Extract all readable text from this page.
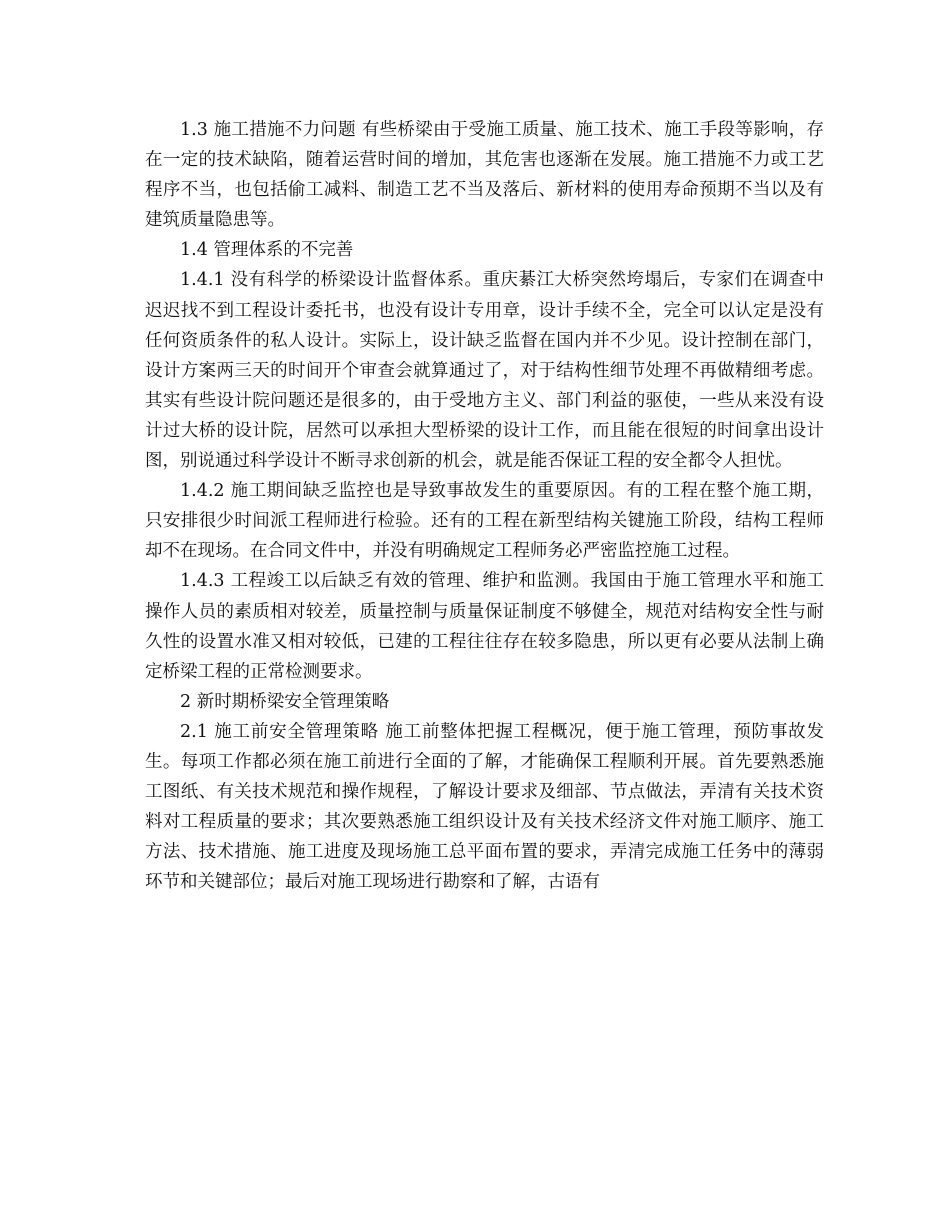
1.3 施工措施不力问题 有些桥梁由于受施工质量、施工技术、施工手段等影响，存在一定的技术缺陷，随着运营时间的增加，其危害也逐渐在发展。施工措施不力或工艺程序不当，也包括偷工减料、制造工艺不当及落后、新材料的使用寿命预期不当以及有建筑质量隐患等。

1.4 管理体系的不完善

1.4.1 没有科学的桥梁设计监督体系。重庆綦江大桥突然垮塌后，专家们在调查中迟迟找不到工程设计委托书，也没有设计专用章，设计手续不全，完全可以认定是没有任何资质条件的私人设计。实际上，设计缺乏监督在国内并不少见。设计控制在部门，设计方案两三天的时间开个审查会就算通过了，对于结构性细节处理不再做精细考虑。其实有些设计院问题还是很多的，由于受地方主义、部门利益的驱使，一些从来没有设计过大桥的设计院，居然可以承担大型桥梁的设计工作，而且能在很短的时间拿出设计图，别说通过科学设计不断寻求创新的机会，就是能否保证工程的安全都令人担忧。

1.4.2 施工期间缺乏监控也是导致事故发生的重要原因。有的工程在整个施工期，只安排很少时间派工程师进行检验。还有的工程在新型结构关键施工阶段，结构工程师却不在现场。在合同文件中，并没有明确规定工程师务必严密监控施工过程。

1.4.3 工程竣工以后缺乏有效的管理、维护和监测。我国由于施工管理水平和施工操作人员的素质相对较差，质量控制与质量保证制度不够健全，规范对结构安全性与耐久性的设置水准又相对较低，已建的工程往往存在较多隐患，所以更有必要从法制上确定桥梁工程的正常检测要求。

2 新时期桥梁安全管理策略

2.1 施工前安全管理策略 施工前整体把握工程概况，便于施工管理，预防事故发生。每项工作都必须在施工前进行全面的了解，才能确保工程顺利开展。首先要熟悉施工图纸、有关技术规范和操作规程，了解设计要求及细部、节点做法，弄清有关技术资料对工程质量的要求；其次要熟悉施工组织设计及有关技术经济文件对施工顺序、施工方法、技术措施、施工进度及现场施工总平面布置的要求，弄清完成施工任务中的薄弱环节和关键部位；最后对施工现场进行勘察和了解，古语有
